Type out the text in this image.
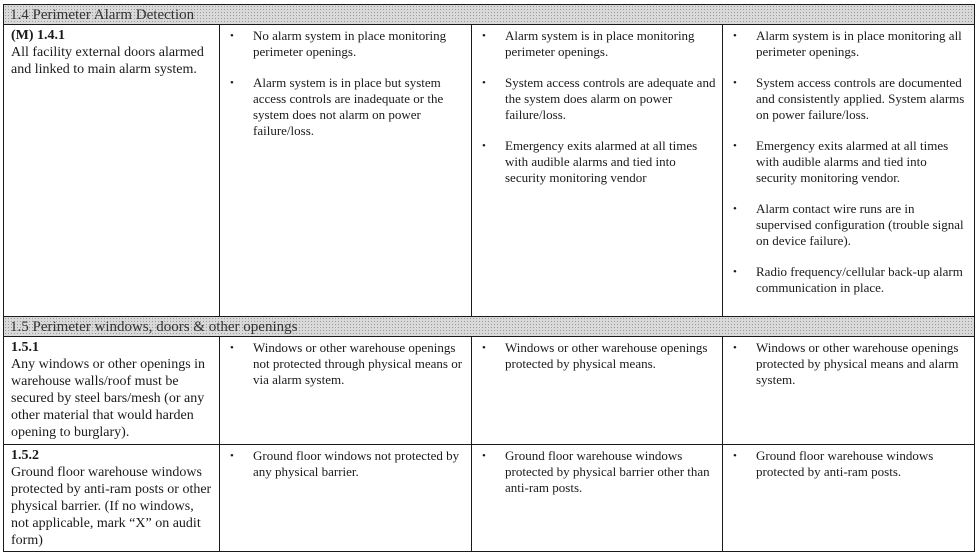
1.4 Perimeter Alarm Detection
(M) 1.4.1
All facility external doors alarmed and linked to main alarm system.
• No alarm system in place monitoring perimeter openings.
• Alarm system is in place but system access controls are inadequate or the system does not alarm on power failure/loss.
• Alarm system is in place monitoring perimeter openings.
• System access controls are adequate and the system does alarm on power failure/loss.
• Emergency exits alarmed at all times with audible alarms and tied into security monitoring vendor
• Alarm system is in place monitoring all perimeter openings.
• System access controls are documented and consistently applied. System alarms on power failure/loss.
• Emergency exits alarmed at all times with audible alarms and tied into security monitoring vendor.
• Alarm contact wire runs are in supervised configuration (trouble signal on device failure).
• Radio frequency/cellular back-up alarm communication in place.
1.5 Perimeter windows, doors & other openings
1.5.1
Any windows or other openings in warehouse walls/roof must be secured by steel bars/mesh (or any other material that would harden opening to burglary).
• Windows or other warehouse openings not protected through physical means or via alarm system.
• Windows or other warehouse openings protected by physical means.
• Windows or other warehouse openings protected by physical means and alarm system.
1.5.2
Ground floor warehouse windows protected by anti-ram posts or other physical barrier. (If no windows, not applicable, mark “X” on audit form)
• Ground floor windows not protected by any physical barrier.
• Ground floor warehouse windows protected by physical barrier other than anti-ram posts.
• Ground floor warehouse windows protected by anti-ram posts.
